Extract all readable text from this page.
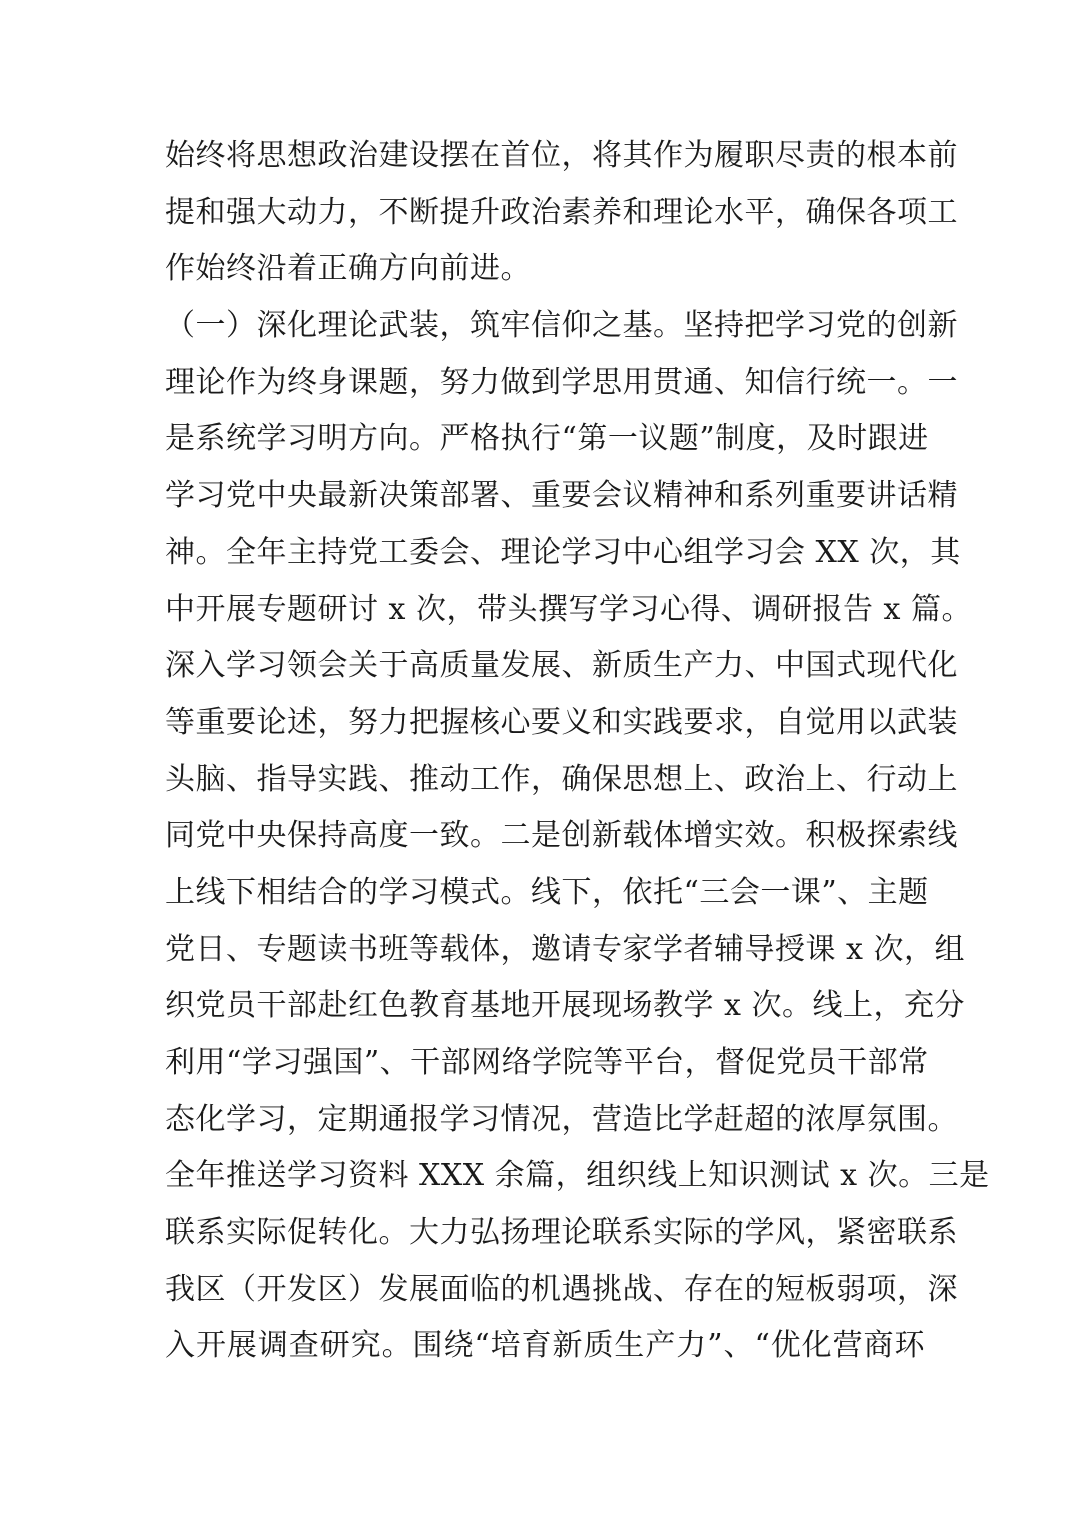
始终将思想政治建设摆在首位，将其作为履职尽责的根本前
提和强大动力，不断提升政治素养和理论水平，确保各项工
作始终沿着正确方向前进。
（一）深化理论武装，筑牢信仰之基。坚持把学习党的创新
理论作为终身课题，努力做到学思用贯通、知信行统一。一
是系统学习明方向。严格执行“第一议题”制度，及时跟进
学习党中央最新决策部署、重要会议精神和系列重要讲话精
神。全年主持党工委会、理论学习中心组学习会 XX 次，其
中开展专题研讨 x 次，带头撰写学习心得、调研报告 x 篇。
深入学习领会关于高质量发展、新质生产力、中国式现代化
等重要论述，努力把握核心要义和实践要求，自觉用以武装
头脑、指导实践、推动工作，确保思想上、政治上、行动上
同党中央保持高度一致。二是创新载体增实效。积极探索线
上线下相结合的学习模式。线下，依托“三会一课”、主题
党日、专题读书班等载体，邀请专家学者辅导授课 x 次，组
织党员干部赴红色教育基地开展现场教学 x 次。线上，充分
利用“学习强国”、干部网络学院等平台，督促党员干部常
态化学习，定期通报学习情况，营造比学赶超的浓厚氛围。
全年推送学习资料 XXX 余篇，组织线上知识测试 x 次。三是
联系实际促转化。大力弘扬理论联系实际的学风，紧密联系
我区（开发区）发展面临的机遇挑战、存在的短板弱项，深
入开展调查研究。围绕“培育新质生产力”、“优化营商环
